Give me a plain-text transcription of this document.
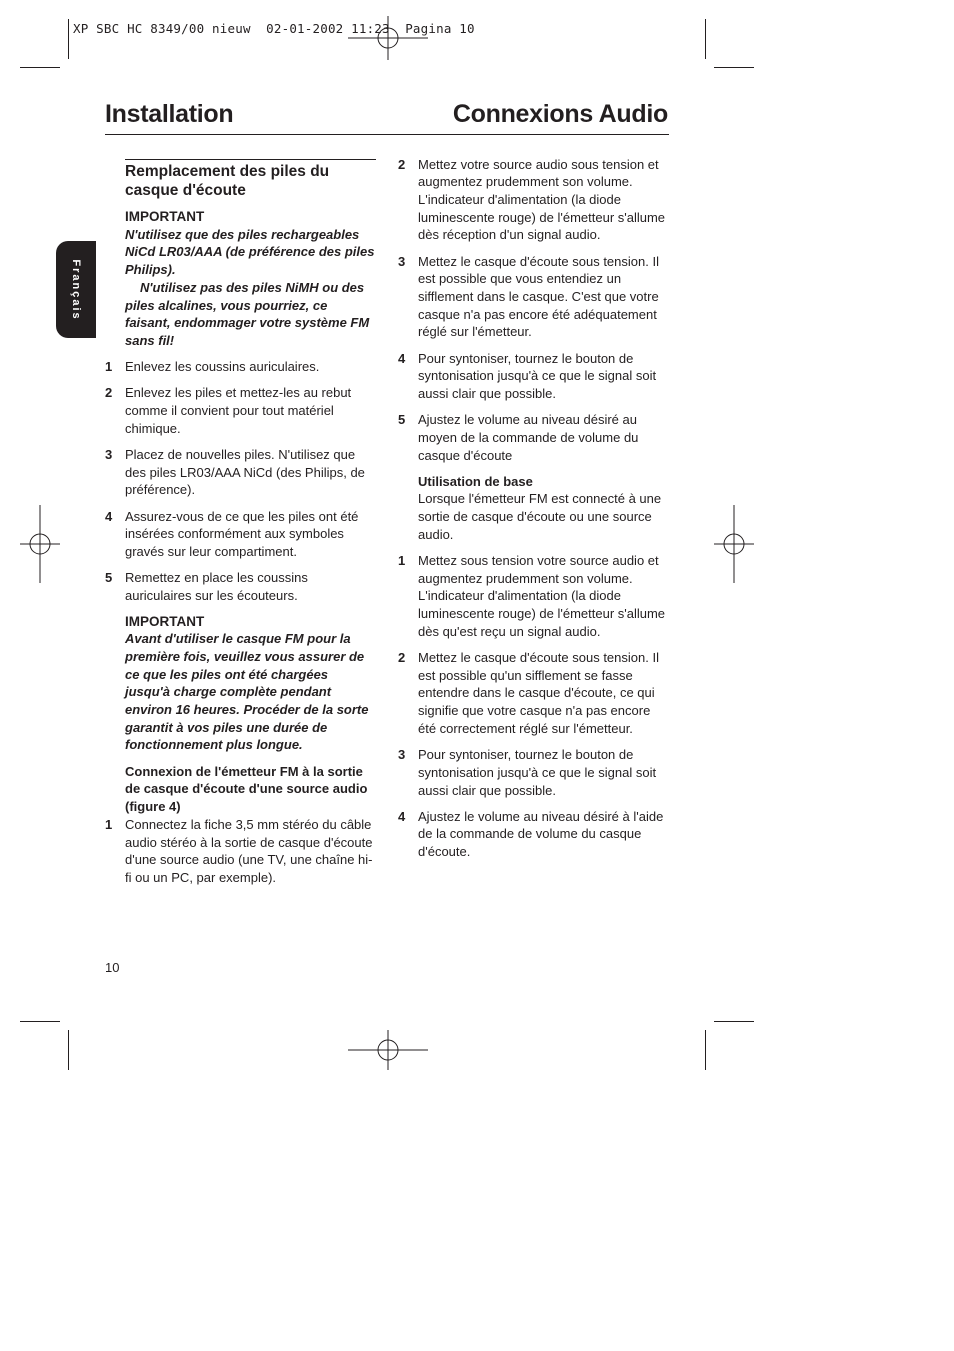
XP SBC HC 8349/00 nieuw  02-01-2002 11:23  Pagina 10
Installation	Connexions Audio
Français
Remplacement des piles du casque d'écoute
IMPORTANT

N'utilisez que des piles rechargeables NiCd LR03/AAA (de préférence des piles Philips).

N'utilisez pas des piles NiMH ou des piles alcalines, vous pourriez, ce faisant, endommager votre système FM sans fil!

1 Enlevez les coussins auriculaires.
2 Enlevez les piles et mettez-les au rebut comme il convient pour tout matériel chimique.
3 Placez de nouvelles piles. N'utilisez que des piles LR03/AAA NiCd (des Philips, de préférence).
4 Assurez-vous de ce que les piles ont été insérées conformément aux symboles gravés sur leur compartiment.
5 Remettez en place les coussins auriculaires sur les écouteurs.
IMPORTANT

Avant d'utiliser le casque FM pour la première fois, veuillez vous assurer de ce que les piles ont été chargées jusqu'à charge complète pendant environ 16 heures. Procéder de la sorte garantit à vos piles une durée de fonctionnement plus longue.

Connexion de l'émetteur FM à la sortie de casque d'écoute d'une source audio (figure 4)
1 Connectez la fiche 3,5 mm stéréo du câble audio stéréo à la sortie de casque d'écoute d'une source audio (une TV, une chaîne hi-fi ou un PC, par exemple).
2 Mettez votre source audio sous tension et augmentez prudemment son volume. L'indicateur d'alimentation (la diode luminescente rouge) de l'émetteur s'allume dès réception d'un signal audio.
3 Mettez le casque d'écoute sous tension. Il est possible que vous entendiez un sifflement dans le casque. C'est que votre casque n'a pas encore été adéquatement réglé sur l'émetteur.
4 Pour syntoniser, tournez le bouton de syntonisation jusqu'à ce que le signal soit aussi clair que possible.
5 Ajustez le volume au niveau désiré au moyen de la commande de volume du casque d'écoute
Utilisation de base

Lorsque l'émetteur FM est connecté à une sortie de casque d'écoute ou une source audio.

1 Mettez sous tension votre source audio et augmentez prudemment son volume. L'indicateur d'alimentation (la diode luminescente rouge) de l'émetteur s'allume dès qu'est reçu un signal audio.
2 Mettez le casque d'écoute sous tension. Il est possible qu'un sifflement se fasse entendre dans le casque d'écoute, ce qui signifie que votre casque n'a pas encore été correctement réglé sur l'émetteur.
3 Pour syntoniser, tournez le bouton de syntonisation jusqu'à ce que le signal soit aussi clair que possible.
4 Ajustez le volume au niveau désiré à l'aide de la commande de volume du casque d'écoute.
10
